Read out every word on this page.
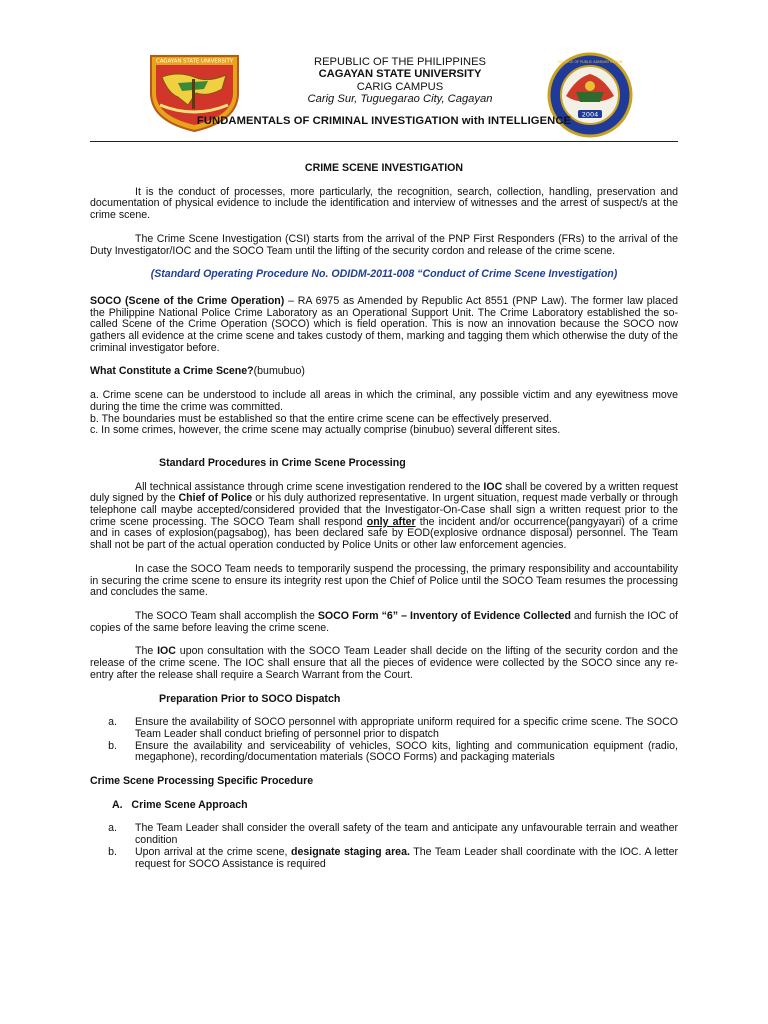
CAGAYAN STATE UNIVERSITY
2004
COLLEGE OF PUBLIC ADMINISTRATION
REPUBLIC OF THE PHILIPPINES
CAGAYAN STATE UNIVERSITY
CARIG CAMPUS
Carig Sur, Tuguegarao City, Cagayan
FUNDAMENTALS OF CRIMINAL INVESTIGATION with INTELLIGENCE

CRIME SCENE INVESTIGATION

It is the conduct of processes, more particularly, the recognition, search, collection, handling, preservation and documentation of physical evidence to include the identification and interview of witnesses and the arrest of suspect/s at the crime scene.

The Crime Scene Investigation (CSI) starts from the arrival of the PNP First Responders (FRs) to the arrival of the Duty Investigator/IOC and the SOCO Team until the lifting of the security cordon and release of the crime scene.

(Standard Operating Procedure No. ODIDM-2011-008 “Conduct of Crime Scene Investigation)

SOCO (Scene of the Crime Operation) – RA 6975 as Amended by Republic Act 8551 (PNP Law). The former law placed the Philippine National Police Crime Laboratory as an Operational Support Unit. The Crime Laboratory established the so-called Scene of the Crime Operation (SOCO) which is field operation. This is now an innovation because the SOCO now gathers all evidence at the crime scene and takes custody of them, marking and tagging them which otherwise the duty of the criminal investigator before.

What Constitute a Crime Scene?(bumubuo)

a. Crime scene can be understood to include all areas in which the criminal, any possible victim and any eyewitness move during the time the crime was committed.

b. The boundaries must be established so that the entire crime scene can be effectively preserved.

c. In some crimes, however, the crime scene may actually comprise (binubuo) several different sites.

Standard Procedures in Crime Scene Processing

All technical assistance through crime scene investigation rendered to the IOC shall be covered by a written request duly signed by the Chief of Police or his duly authorized representative. In urgent situation, request made verbally or through telephone call maybe accepted/considered provided that the Investigator-On-Case shall sign a written request prior to the crime scene processing. The SOCO Team shall respond only after the incident and/or occurrence(pangyayari) of a crime and in cases of explosion(pagsabog), has been declared safe by EOD(explosive ordnance disposal) personnel. The Team shall not be part of the actual operation conducted by Police Units or other law enforcement agencies.

In case the SOCO Team needs to temporarily suspend the processing, the primary responsibility and accountability in securing the crime scene to ensure its integrity rest upon the Chief of Police until the SOCO Team resumes the processing and concludes the same.

The SOCO Team shall accomplish the SOCO Form “6” – Inventory of Evidence Collected and furnish the IOC of copies of the same before leaving the crime scene.

The IOC upon consultation with the SOCO Team Leader shall decide on the lifting of the security cordon and the release of the crime scene. The IOC shall ensure that all the pieces of evidence were collected by the SOCO since any re-entry after the release shall require a Search Warrant from the Court.

Preparation Prior to SOCO Dispatch

a.	Ensure the availability of SOCO personnel with appropriate uniform required for a specific crime scene. The SOCO Team Leader shall conduct briefing of personnel prior to dispatch
b.	Ensure the availability and serviceability of vehicles, SOCO kits, lighting and communication equipment (radio, megaphone), recording/documentation materials (SOCO Forms) and packaging materials

Crime Scene Processing Specific Procedure

A.   Crime Scene Approach

a.	The Team Leader shall consider the overall safety of the team and anticipate any unfavourable terrain and weather condition
b.	Upon arrival at the crime scene, designate staging area. The Team Leader shall coordinate with the IOC. A letter request for SOCO Assistance is required
